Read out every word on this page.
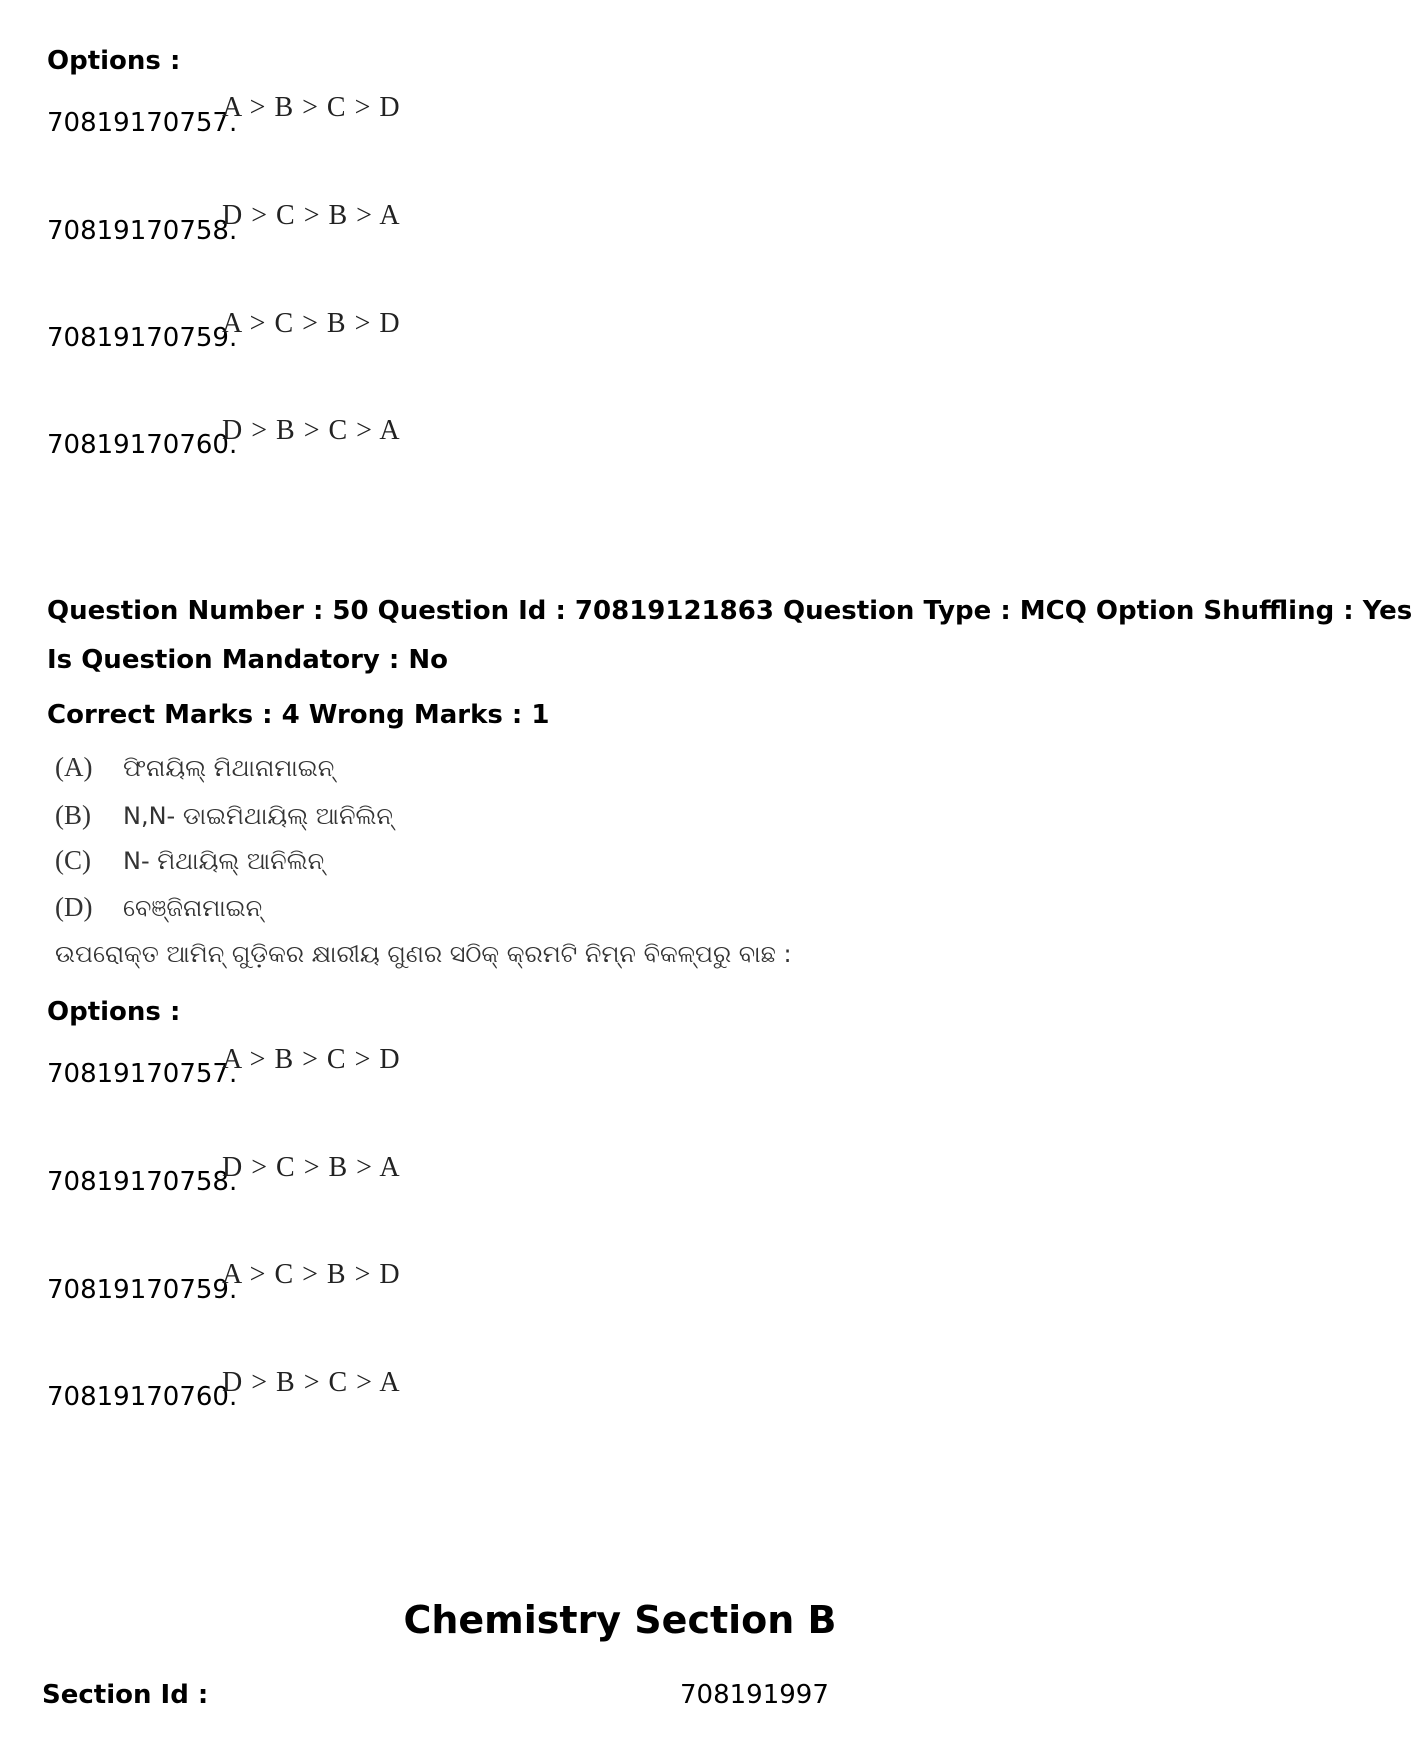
Options :
70819170757.
A > B > C > D
70819170758.
D > C > B > A
70819170759.
A > C > B > D
70819170760.
D > B > C > A
Question Number : 50 Question Id : 70819121863 Question Type : MCQ Option Shuffling : Yes
Is Question Mandatory : No
Correct Marks : 4 Wrong Marks : 1
(A) ଫିନାୟିଲ୍ ମିଥାନାମାଇନ୍
(B) N,N- ଡାଇମିଥାୟିଲ୍ ଆନିଲିନ୍
(C) N- ମିଥାୟିଲ୍ ଆନିଲିନ୍
(D) ବେଞ୍ଜିନାମାଇନ୍
ଉପରୋକ୍ତ ଆମିନ୍ ଗୁଡ଼ିକର କ୍ଷାରୀୟ ଗୁଣର ସଠିକ୍ କ୍ରମଟି ନିମ୍ନ ବିକଳ୍ପରୁ ବାଛ :
Options :
70819170757.
A > B > C > D
70819170758.
D > C > B > A
70819170759.
A > C > B > D
70819170760.
D > B > C > A
Chemistry Section B
Section Id :	708191997
